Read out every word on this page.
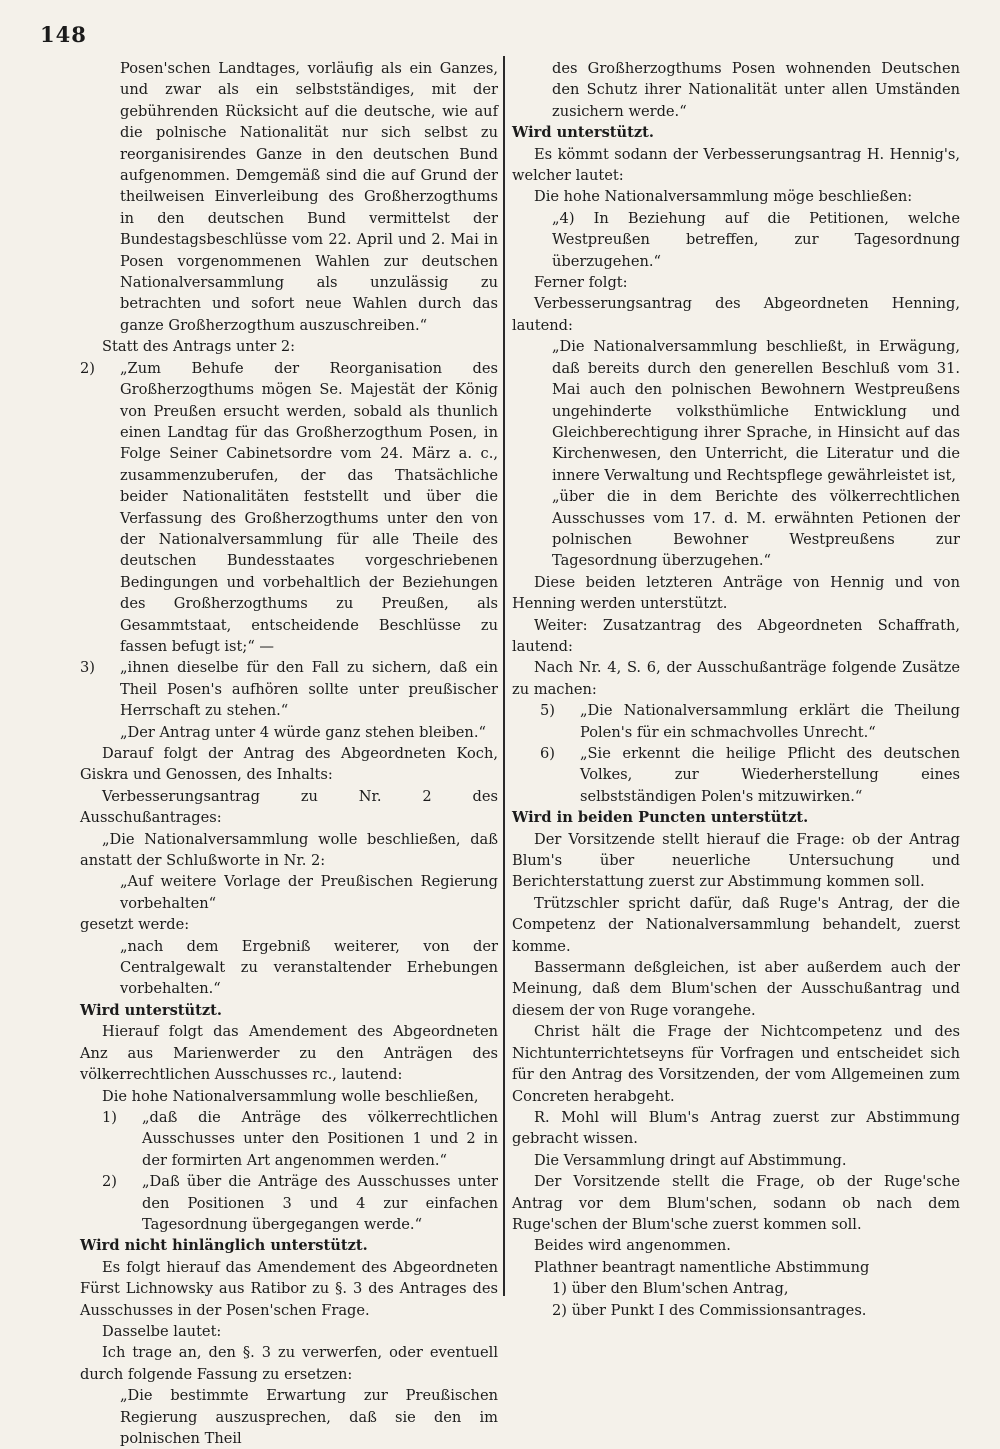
148

Posen'schen Landtages, vorläufig als ein Ganzes, und zwar als ein selbstständiges, mit der gebührenden Rücksicht auf die deutsche, wie auf die polnische Nationalität nur sich selbst zu reorganisirendes Ganze in den deutschen Bund aufgenommen. Demgemäß sind die auf Grund der theilweisen Einverleibung des Großherzogthums in den deutschen Bund vermittelst der Bundestagsbeschlüsse vom 22. April und 2. Mai in Posen vorgenommenen Wahlen zur deutschen Nationalversammlung als unzulässig zu betrachten und sofort neue Wahlen durch das ganze Großherzogthum auszuschreiben.“

Statt des Antrags unter 2:

2)	„Zum Behufe der Reorganisation des Großherzogthums mögen Se. Majestät der König von Preußen ersucht werden, sobald als thunlich einen Landtag für das Großherzogthum Posen, in Folge Seiner Cabinetsordre vom 24. März a. c., zusammenzuberufen, der das Thatsächliche beider Nationalitäten feststellt und über die Verfassung des Großherzogthums unter den von der Nationalversammlung für alle Theile des deutschen Bundesstaates vorgeschriebenen Bedingungen und vorbehaltlich der Beziehungen des Großherzogthums zu Preußen, als Gesammtstaat, entscheidende Beschlüsse zu fassen befugt ist;“ —
3)	„ihnen dieselbe für den Fall zu sichern, daß ein Theil Posen's aufhören sollte unter preußischer Herrschaft zu stehen.“

„Der Antrag unter 4 würde ganz stehen bleiben.“

Darauf folgt der Antrag des Abgeordneten Koch, Giskra und Genossen, des Inhalts:

Verbesserungsantrag zu Nr. 2 des Ausschußantrages:

„Die Nationalversammlung wolle beschließen, daß anstatt der Schlußworte in Nr. 2:

„Auf weitere Vorlage der Preußischen Regierung vorbehalten“

gesetzt werde:

„nach dem Ergebniß weiterer, von der Centralgewalt zu veranstaltender Erhebungen vorbehalten.“

Wird unterstützt.

Hierauf folgt das Amendement des Abgeordneten Anz aus Marienwerder zu den Anträgen des völkerrechtlichen Ausschusses rc., lautend:

Die hohe Nationalversammlung wolle beschließen,

1)	„daß die Anträge des völkerrechtlichen Ausschusses unter den Positionen 1 und 2 in der formirten Art angenommen werden.“
2)	„Daß über die Anträge des Ausschusses unter den Positionen 3 und 4 zur einfachen Tagesordnung übergegangen werde.“

Wird nicht hinlänglich unterstützt.

Es folgt hierauf das Amendement des Abgeordneten Fürst Lichnowsky aus Ratibor zu §. 3 des Antrages des Ausschusses in der Posen'schen Frage.

Dasselbe lautet:

Ich trage an, den §. 3 zu verwerfen, oder eventuell durch folgende Fassung zu ersetzen:

„Die bestimmte Erwartung zur Preußischen Regierung auszusprechen, daß sie den im polnischen Theil

des Großherzogthums Posen wohnenden Deutschen den Schutz ihrer Nationalität unter allen Umständen zusichern werde.“

Wird unterstützt.

Es kömmt sodann der Verbesserungsantrag H. Hennig's, welcher lautet:

Die hohe Nationalversammlung möge beschließen:

„4) In Beziehung auf die Petitionen, welche Westpreußen betreffen, zur Tagesordnung überzugehen.“

Ferner folgt:

Verbesserungsantrag des Abgeordneten Henning, lautend:

„Die Nationalversammlung beschließt, in Erwägung, daß bereits durch den generellen Beschluß vom 31. Mai auch den polnischen Bewohnern Westpreußens ungehinderte volksthümliche Entwicklung und Gleichberechtigung ihrer Sprache, in Hinsicht auf das Kirchenwesen, den Unterricht, die Literatur und die innere Verwaltung und Rechtspflege gewährleistet ist,

„über die in dem Berichte des völkerrechtlichen Ausschusses vom 17. d. M. erwähnten Petionen der polnischen Bewohner Westpreußens zur Tagesordnung überzugehen.“

Diese beiden letzteren Anträge von Hennig und von Henning werden unterstützt.

Weiter: Zusatzantrag des Abgeordneten Schaffrath, lautend:

Nach Nr. 4, S. 6, der Ausschußanträge folgende Zusätze zu machen:

5)	„Die Nationalversammlung erklärt die Theilung Polen's für ein schmachvolles Unrecht.“
6)	„Sie erkennt die heilige Pflicht des deutschen Volkes, zur Wiederherstellung eines selbstständigen Polen's mitzuwirken.“

Wird in beiden Puncten unterstützt.

Der Vorsitzende stellt hierauf die Frage: ob der Antrag Blum's über neuerliche Untersuchung und Berichterstattung zuerst zur Abstimmung kommen soll.

Trützschler spricht dafür, daß Ruge's Antrag, der die Competenz der Nationalversammlung behandelt, zuerst komme.

Bassermann deßgleichen, ist aber außerdem auch der Meinung, daß dem Blum'schen der Ausschußantrag und diesem der von Ruge vorangehe.

Christ hält die Frage der Nichtcompetenz und des Nichtunterrichtetseyns für Vorfragen und entscheidet sich für den Antrag des Vorsitzenden, der vom Allgemeinen zum Concreten herabgeht.

R. Mohl will Blum's Antrag zuerst zur Abstimmung gebracht wissen.

Die Versammlung dringt auf Abstimmung.

Der Vorsitzende stellt die Frage, ob der Ruge'sche Antrag vor dem Blum'schen, sodann ob nach dem Ruge'schen der Blum'sche zuerst kommen soll.

Beides wird angenommen.

Plathner beantragt namentliche Abstimmung

1) über den Blum'schen Antrag,

2) über Punkt I des Commissionsantrages.
